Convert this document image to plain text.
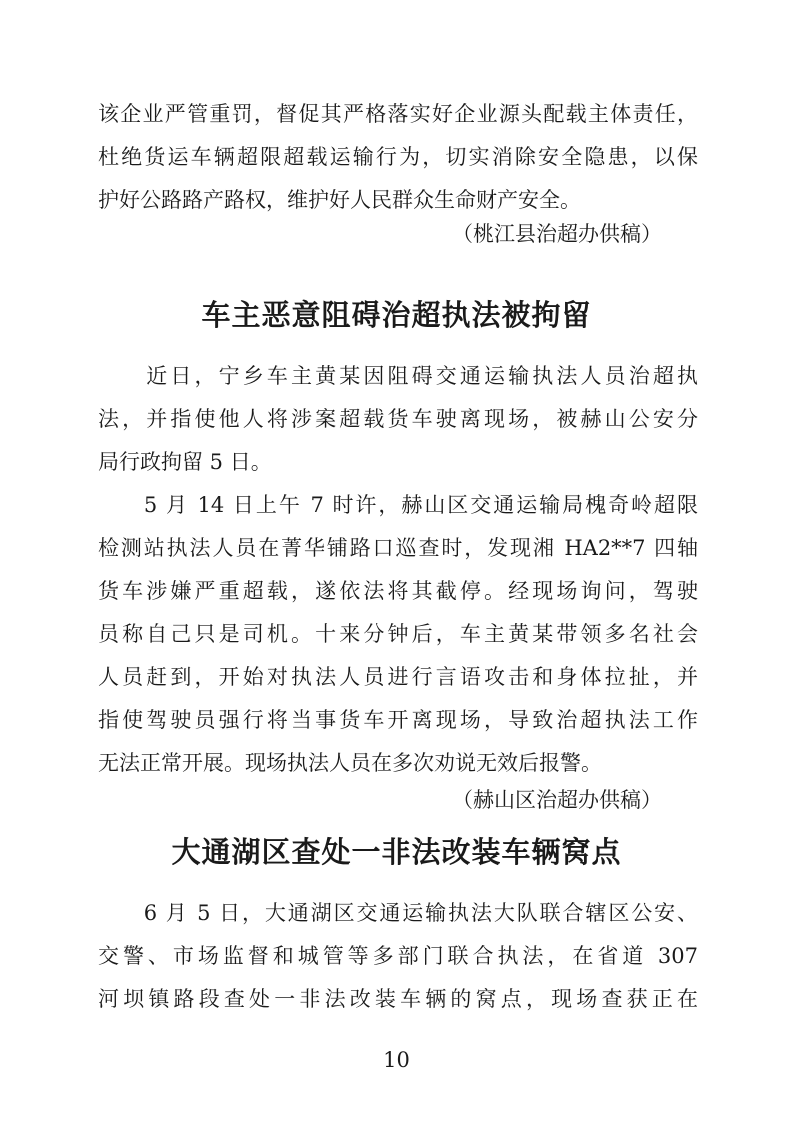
该企业严管重罚，督促其严格落实好企业源头配载主体责任，
杜绝货运车辆超限超载运输行为，切实消除安全隐患，以保
护好公路路产路权，维护好人民群众生命财产安全。
（桃江县治超办供稿）
车主恶意阻碍治超执法被拘留
　　近日，宁乡车主黄某因阻碍交通运输执法人员治超执
法，并指使他人将涉案超载货车驶离现场，被赫山公安分
局行政拘留 5 日。
　　5 月 14 日上午 7 时许，赫山区交通运输局槐奇岭超限
检测站执法人员在菁华铺路口巡查时，发现湘 HA2**7 四轴
货车涉嫌严重超载，遂依法将其截停。经现场询问，驾驶
员称自己只是司机。十来分钟后，车主黄某带领多名社会
人员赶到，开始对执法人员进行言语攻击和身体拉扯，并
指使驾驶员强行将当事货车开离现场，导致治超执法工作
无法正常开展。现场执法人员在多次劝说无效后报警。
（赫山区治超办供稿）
大通湖区查处一非法改装车辆窝点
　　6 月 5 日，大通湖区交通运输执法大队联合辖区公安、
交警、市场监督和城管等多部门联合执法，在省道 307
河坝镇路段查处一非法改装车辆的窝点，现场查获正在
10
